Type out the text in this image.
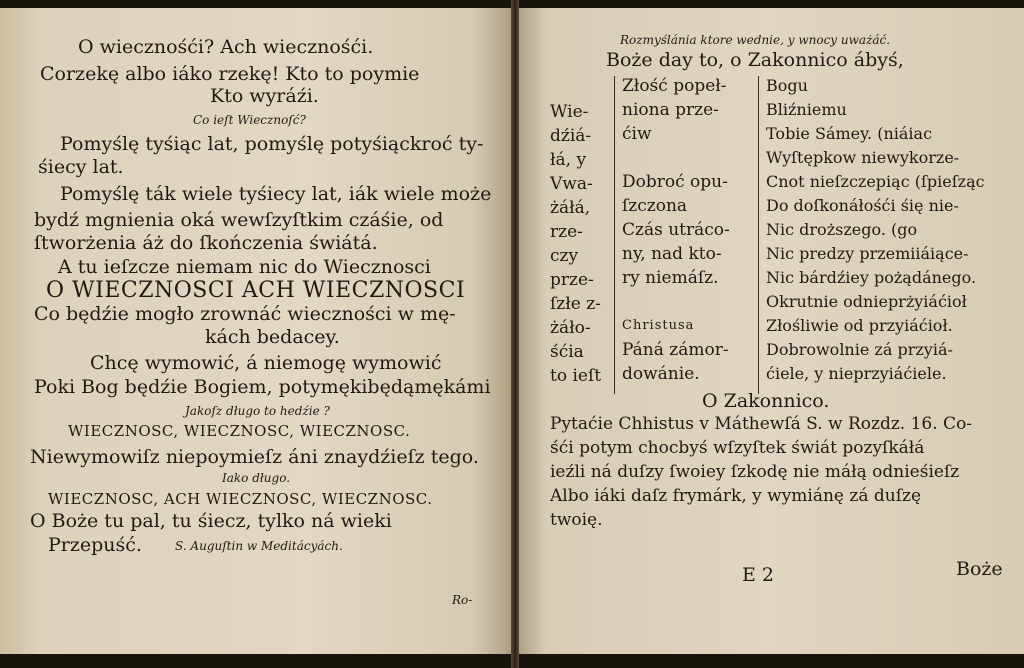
O wiecznośći? Ach wiecznośći.
Corzekę albo iáko rzekę! Kto to poymie
Kto wyráźi.
Co ieſt Wiecznoſć?
Pomyślę tyśiąc lat, pomyślę potyśiąckroć ty-
śiecy lat.
Pomyślę ták wiele tyśiecy lat, iák wiele może
bydź mgnienia oká wewſzyſtkim czáśie, od
ſtworżenia áż do ſkończenia świátá.
A tu ieſzcze niemam nic do Wiecznosci
O WIECZNOSCI ACH WIECZNOSCI
Co będźie mogło zrownáć wieczności w mę-
kách bedacey.
Chcę wymowić, á niemogę wymowić
Poki Bog będźie Bogiem, potymękibędąmękámi
Jakoſz długo to hedźie ?
WIECZNOSC, WIECZNOSC, WIECZNOSC.
Niewymowiſz niepoymieſz áni znaydźieſz tego.
Iako długo.
WIECZNOSC, ACH WIECZNOSC, WIECZNOSC.
O Boże tu pal, tu śiecz, tylko ná wieki
Przepuść.	S. Auguſtin w Meditácyách.
Ro-
Rozmyślánia ktore wednie, y wnocy uważáć.
Boże day to, o Zakonnico ábyś,
Wie-
dźiá-
łá, y
Vwa-
żáłá,
rze-
czy
prze-
ſzłe z-
żáło-
śćia
to ieſt
Złość popeł-
niona prze-
ćiw

Dobroć opu-
ſzczona
Czás utráco-
ny, nad kto-
ry niemáſz.

Christusa
Páná zámor-
dowánie.
Bogu
Bliźniemu
Tobie Sámey. (niáiac
Wyſtępkow niewykorze-
Cnot nieſzczepiąc (ſpieſząc
Do doſkonáłośći śię nie-
Nic droższego. (go
Nic predzy przemiiáiące-
Nic bárdźiey pożądánego.
Okrutnie odnieprżyiáćioł
Złośliwie od przyiáćioł.
Dobrowolnie zá przyiá-
ćiele, y nieprzyiáćiele.
O Zakonnico.
Pytaćie Chhistus v Máthewſá S. w Rozdz. 16. Co-
śći potym chocbyś wſzyſtek świát pozyſkáłá
ieźli ná duſzy ſwoiey ſzkodę nie máłą odnieśieſz
Albo iáki daſz frymárk, y wymiánę zá duſzę
twoię.
E 2	Boże
